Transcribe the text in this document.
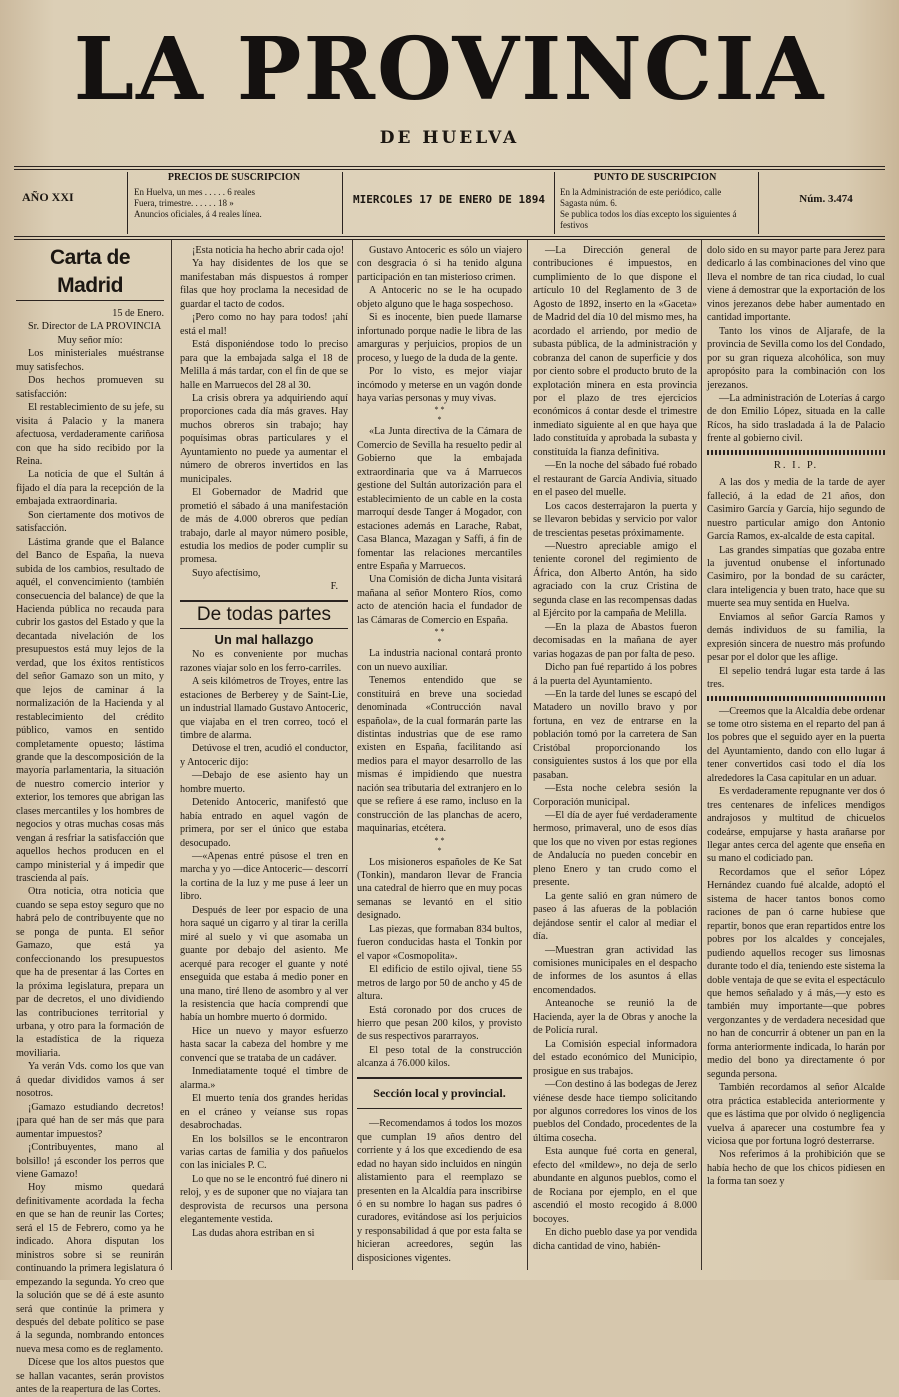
LA PROVINCIA
DE HUELVA
AÑO XXI
PRECIOS DE SUSCRIPCION
En Huelva, un mes . . . . . 6 reales
Fuera, trimestre. . . . . . 18 »
Anuncios oficiales, á 4 reales línea.
MIERCOLES 17 DE ENERO DE 1894
PUNTO DE SUSCRIPCION
En la Administración de este periódico, calle Sagasta núm. 6.
Se publica todos los días excepto los siguientes á festivos
Núm. 3.474
Carta de Madrid

15 de Enero.

Sr. Director de LA PROVINCIA

Muy señor mío:

Los ministeriales muéstranse muy satisfechos.

Dos hechos promueven su satisfacción:

El restablecimiento de su jefe, su visita á Palacio y la manera afectuosa, verdaderamente cariñosa con que ha sido recibido por la Reina.

La noticia de que el Sultán á fijado el día para la recepción de la embajada extraordinaria.

Son ciertamente dos motivos de satisfacción.

Lástima grande que el Balance del Banco de España, la nueva subida de los cambios, resultado de aquél, el convencimiento (también consecuencia del balance) de que la Hacienda pública no recauda para cubrir los gastos del Estado y que la decantada nivelación de los presupuestos está muy lejos de la verdad, que los éxitos rentísticos del señor Gamazo son un mito, y que lejos de caminar á la normalización de la Hacienda y al restablecimiento del crédito público, vamos en sentido completamente opuesto; lástima grande que la descomposición de la mayoría parlamentaria, la situación de nuestro comercio interior y exterior, los temores que abrigan las clases mercantiles y los hombres de negocios y otras muchas cosas más vengan á resfriar la satisfacción que aquellos hechos producen en el campo ministerial y á impedir que trascienda al país.

Otra noticia, otra noticia que cuando se sepa estoy seguro que no habrá pelo de contribuyente que no se ponga de punta. El señor Gamazo, que está ya confeccionando los presupuestos que ha de presentar á las Cortes en la próxima legislatura, prepara un par de decretos, el uno dividiendo las contribuciones territorial y urbana, y otro para la formación de la estadística de la riqueza moviliaria.

Ya verán Vds. como los que van á quedar divididos vamos á ser nosotros.

¡Gamazo estudiando decretos! ¡para qué han de ser más que para aumentar impuestos?

¡Contribuyentes, mano al bolsillo! ¡á esconder los perros que viene Gamazo!

Hoy mismo quedará definitivamente acordada la fecha en que se han de reunir las Cortes; será el 15 de Febrero, como ya he indicado. Ahora disputan los ministros sobre si se reunirán continuando la primera legislatura ó empezando la segunda. Yo creo que la solución que se dé á este asunto será que continúe la primera y después del debate político se pase á la segunda, nombrando entonces nueva mesa como es de reglamento.

Dícese que los altos puestos que se hallan vacantes, serán provistos antes de la reapertura de las Cortes.

¡Esta noticia ha hecho abrir cada ojo!

Ya hay disidentes de los que se manifestaban más dispuestos á romper filas que hoy proclama la necesidad de guardar el tacto de codos.

¡Pero como no hay para todos! ¡ahí está el mal!

Está disponiéndose todo lo preciso para que la embajada salga el 18 de Melilla á más tardar, con el fin de que se halle en Marruecos del 28 al 30.

La crisis obrera ya adquiriendo aquí proporciones cada día más graves. Hay muchos obreros sin trabajo; hay poquísimas obras particulares y el Ayuntamiento no puede ya aumentar el número de obreros invertidos en las municipales.

El Gobernador de Madrid que prometió el sábado á una manifestación de más de 4.000 obreros que pedían trabajo, darle al mayor número posible, estudia los medios de poder cumplir su promesa.

Suyo afectísimo,

F.

De todas partes
Un mal hallazgo

No es conveniente por muchas razones viajar solo en los ferro-carriles.

A seis kilómetros de Troyes, entre las estaciones de Berberey y de Saint-Lie, un industrial llamado Gustavo Antoceric, que viajaba en el tren correo, tocó el timbre de alarma.

Detúvose el tren, acudió el conductor, y Antoceric dijo:

—Debajo de ese asiento hay un hombre muerto.

Detenido Antoceric, manifestó que había entrado en aquel vagón de primera, por ser el único que estaba desocupado.

—«Apenas entré púsose el tren en marcha y yo —dice Antoceric— descorrí la cortina de la luz y me puse á leer un libro.

Después de leer por espacio de una hora saqué un cigarro y al tirar la cerilla miré al suelo y vi que asomaba un guante por debajo del asiento. Me acerqué para recoger el guante y noté enseguida que estaba á medio poner en una mano, tiré lleno de asombro y al ver la resistencia que hacía comprendí que había un hombre muerto ó dormido.

Hice un nuevo y mayor esfuerzo hasta sacar la cabeza del hombre y me convencí que se trataba de un cadáver.

Inmediatamente toqué el timbre de alarma.»

El muerto tenía dos grandes heridas en el cráneo y veíanse sus ropas desabrochadas.

En los bolsillos se le encontraron varias cartas de familia y dos pañuelos con las iniciales P. C.

Lo que no se le encontró fué dinero ni reloj, y es de suponer que no viajara tan desprovista de recursos una persona elegantemente vestida.

Las dudas ahora estriban en si

Gustavo Antoceric es sólo un viajero con desgracia ó si ha tenido alguna participación en tan misterioso crimen.

A Antoceric no se le ha ocupado objeto alguno que le haga sospechoso.

Si es inocente, bien puede llamarse infortunado porque nadie le libra de las amarguras y perjuicios, propios de un proceso, y luego de la duda de la gente.

Por lo visto, es mejor viajar incómodo y meterse en un vagón donde haya varias personas y muy vivas.

* *
*

«La Junta directiva de la Cámara de Comercio de Sevilla ha resuelto pedir al Gobierno que la embajada extraordinaria que va á Marruecos gestione del Sultán autorización para el establecimiento de un cable en la costa marroquí desde Tanger á Mogador, con estaciones además en Larache, Rabat, Casa Blanca, Mazagan y Saffi, á fin de fomentar las relaciones mercantiles entre España y Marruecos.

Una Comisión de dicha Junta visitará mañana al señor Montero Ríos, como acto de atención hacia el fundador de las Cámaras de Comercio en España.

* *
*

La industria nacional contará pronto con un nuevo auxiliar.

Tenemos entendido que se constituirá en breve una sociedad denominada «Contrucción naval española», de la cual formarán parte las distintas industrias que de ese ramo existen en España, facilitando así medios para el mayor desarrollo de las mismas é impidiendo que nuestra nación sea tributaria del extranjero en lo que se refiere á ese ramo, incluso en la construcción de las planchas de acero, maquinarias, etcétera.

* *
*

Los misioneros españoles de Ke Sat (Tonkin), mandaron llevar de Francia una catedral de hierro que en muy pocas semanas se levantó en el sitio designado.

Las piezas, que formaban 834 bultos, fueron conducidas hasta el Tonkin por el vapor «Cosmopolita».

El edificio de estilo ojival, tiene 55 metros de largo por 50 de ancho y 45 de altura.

Está coronado por dos cruces de hierro que pesan 200 kilos, y provisto de sus respectivos pararrayos.

El peso total de la construcción alcanza á 76.000 kilos.

Sección local y provincial.

—Recomendamos á todos los mozos que cumplan 19 años dentro del corriente y á los que excediendo de esa edad no hayan sido incluidos en ningún alistamiento para el reemplazo se presenten en la Alcaldía para inscribirse ó en su nombre lo hagan sus padres ó curadores, evitándose así los perjuicios y responsabilidad á que por esta falta se hicieran acreedores, según las disposiciones vigentes.

—La Dirección general de contribuciones é impuestos, en cumplimiento de lo que dispone el artículo 10 del Reglamento de 3 de Agosto de 1892, inserto en la «Gaceta» de Madrid del día 10 del mismo mes, ha acordado el arriendo, por medio de subasta pública, de la administración y cobranza del canon de superficie y dos por ciento sobre el producto bruto de la explotación minera en esta provincia por el plazo de tres ejercicios económicos á contar desde el trimestre inmediato siguiente al en que haya que lado constituída y aprobada la subasta y constituída la fianza definitiva.

—En la noche del sábado fué robado el restaurant de García Andivia, situado en el paseo del muelle.

Los cacos desterrajaron la puerta y se llevaron bebidas y servicio por valor de trescientas pesetas próximamente.

—Nuestro apreciable amigo el teniente coronel del regimiento de África, don Alberto Antón, ha sido agraciado con la cruz Cristina de segunda clase en las recompensas dadas al Ejército por la campaña de Melilla.

—En la plaza de Abastos fueron decomisadas en la mañana de ayer varias hogazas de pan por falta de peso.

Dicho pan fué repartido á los pobres á la puerta del Ayuntamiento.

—En la tarde del lunes se escapó del Matadero un novillo bravo y por fortuna, en vez de entrarse en la población tomó por la carretera de San Cristóbal proporcionando los consiguientes sustos á los que por ella pasaban.

—Esta noche celebra sesión la Corporación municipal.

—El día de ayer fué verdaderamente hermoso, primaveral, uno de esos días que los que no viven por estas regiones de Andalucía no pueden concebir en pleno Enero y tan crudo como el presente.

La gente salió en gran número de paseo á las afueras de la población dejándose sentir el calor al mediar el día.

—Muestran gran actividad las comisiones municipales en el despacho de informes de los asuntos á ellas encomendados.

Anteanoche se reunió la de Hacienda, ayer la de Obras y anoche la de Policía rural.

La Comisión especial informadora del estado económico del Municipio, prosigue en sus trabajos.

—Con destino á las bodegas de Jerez viénese desde hace tiempo solicitando por algunos corredores los vinos de los pueblos del Condado, procedentes de la última cosecha.

Esta aunque fué corta en general, efecto del «mildew», no deja de serlo abundante en algunos pueblos, como el de Rociana por ejemplo, en el que ascendió el mosto recogido á 8.000 bocoyes.

En dicho pueblo dase ya por vendida dicha cantidad de vino, habién-

dolo sido en su mayor parte para Jerez para dedicarlo á las combinaciones del vino que lleva el nombre de tan rica ciudad, lo cual viene á demostrar que la exportación de los vinos jerezanos debe haber aumentado en cantidad importante.

Tanto los vinos de Aljarafe, de la provincia de Sevilla como los del Condado, por su gran riqueza alcohólica, son muy apropósito para la combinación con los jerezanos.

—La administración de Loterías á cargo de don Emilio López, situada en la calle Rícos, ha sido trasladada á la de Palacio frente al gobierno civil.

R. I. P.

A las dos y media de la tarde de ayer falleció, á la edad de 21 años, don Casimiro García y García, hijo segundo de nuestro particular amigo don Antonio García Ramos, ex-alcalde de esta capital.

Las grandes simpatías que gozaba entre la juventud onubense el infortunado Casimiro, por la bondad de su carácter, clara inteligencia y buen trato, hace que su muerte sea muy sentida en Huelva.

Enviamos al señor García Ramos y demás individuos de su familia, la expresión sincera de nuestro más profundo pesar por el dolor que les aflige.

El sepelio tendrá lugar esta tarde á las tres.

—Creemos que la Alcaldía debe ordenar se tome otro sistema en el reparto del pan á los pobres que el seguido ayer en la puerta del Ayuntamiento, dando con ello lugar á tener convertidos casi todo el día los alrededores la Casa capitular en un aduar.

Es verdaderamente repugnante ver dos ó tres centenares de infelices mendigos andrajosos y multitud de chicuelos codeárse, empujarse y hasta arañarse por llegar antes cerca del agente que enseña en su mano el codiciado pan.

Recordamos que el señor López Hernández cuando fué alcalde, adoptó el sistema de hacer tantos bonos como raciones de pan ó carne hubiese que repartir, bonos que eran repartidos entre los pobres por los alcaldes y concejales, pudiendo aquellos recoger sus limosnas durante todo el día, teniendo este sistema la doble ventaja de que se evita el espectáculo que hemos señalado y á más,—y esto es también muy importante—que pobres vergonzantes y de verdadera necesidad que no han de concurrir á obtener un pan en la forma anteriormente indicada, lo harán por medio del bono ya directamente ó por segunda persona.

También recordamos al señor Alcalde otra práctica establecida anteriormente y que es lástima que por olvido ó negligencia vuelva á aparecer una costumbre fea y viciosa que por fortuna logró desterrarse.

Nos referimos á la prohibición que se había hecho de que los chicos pidiesen en la forma tan soez y
